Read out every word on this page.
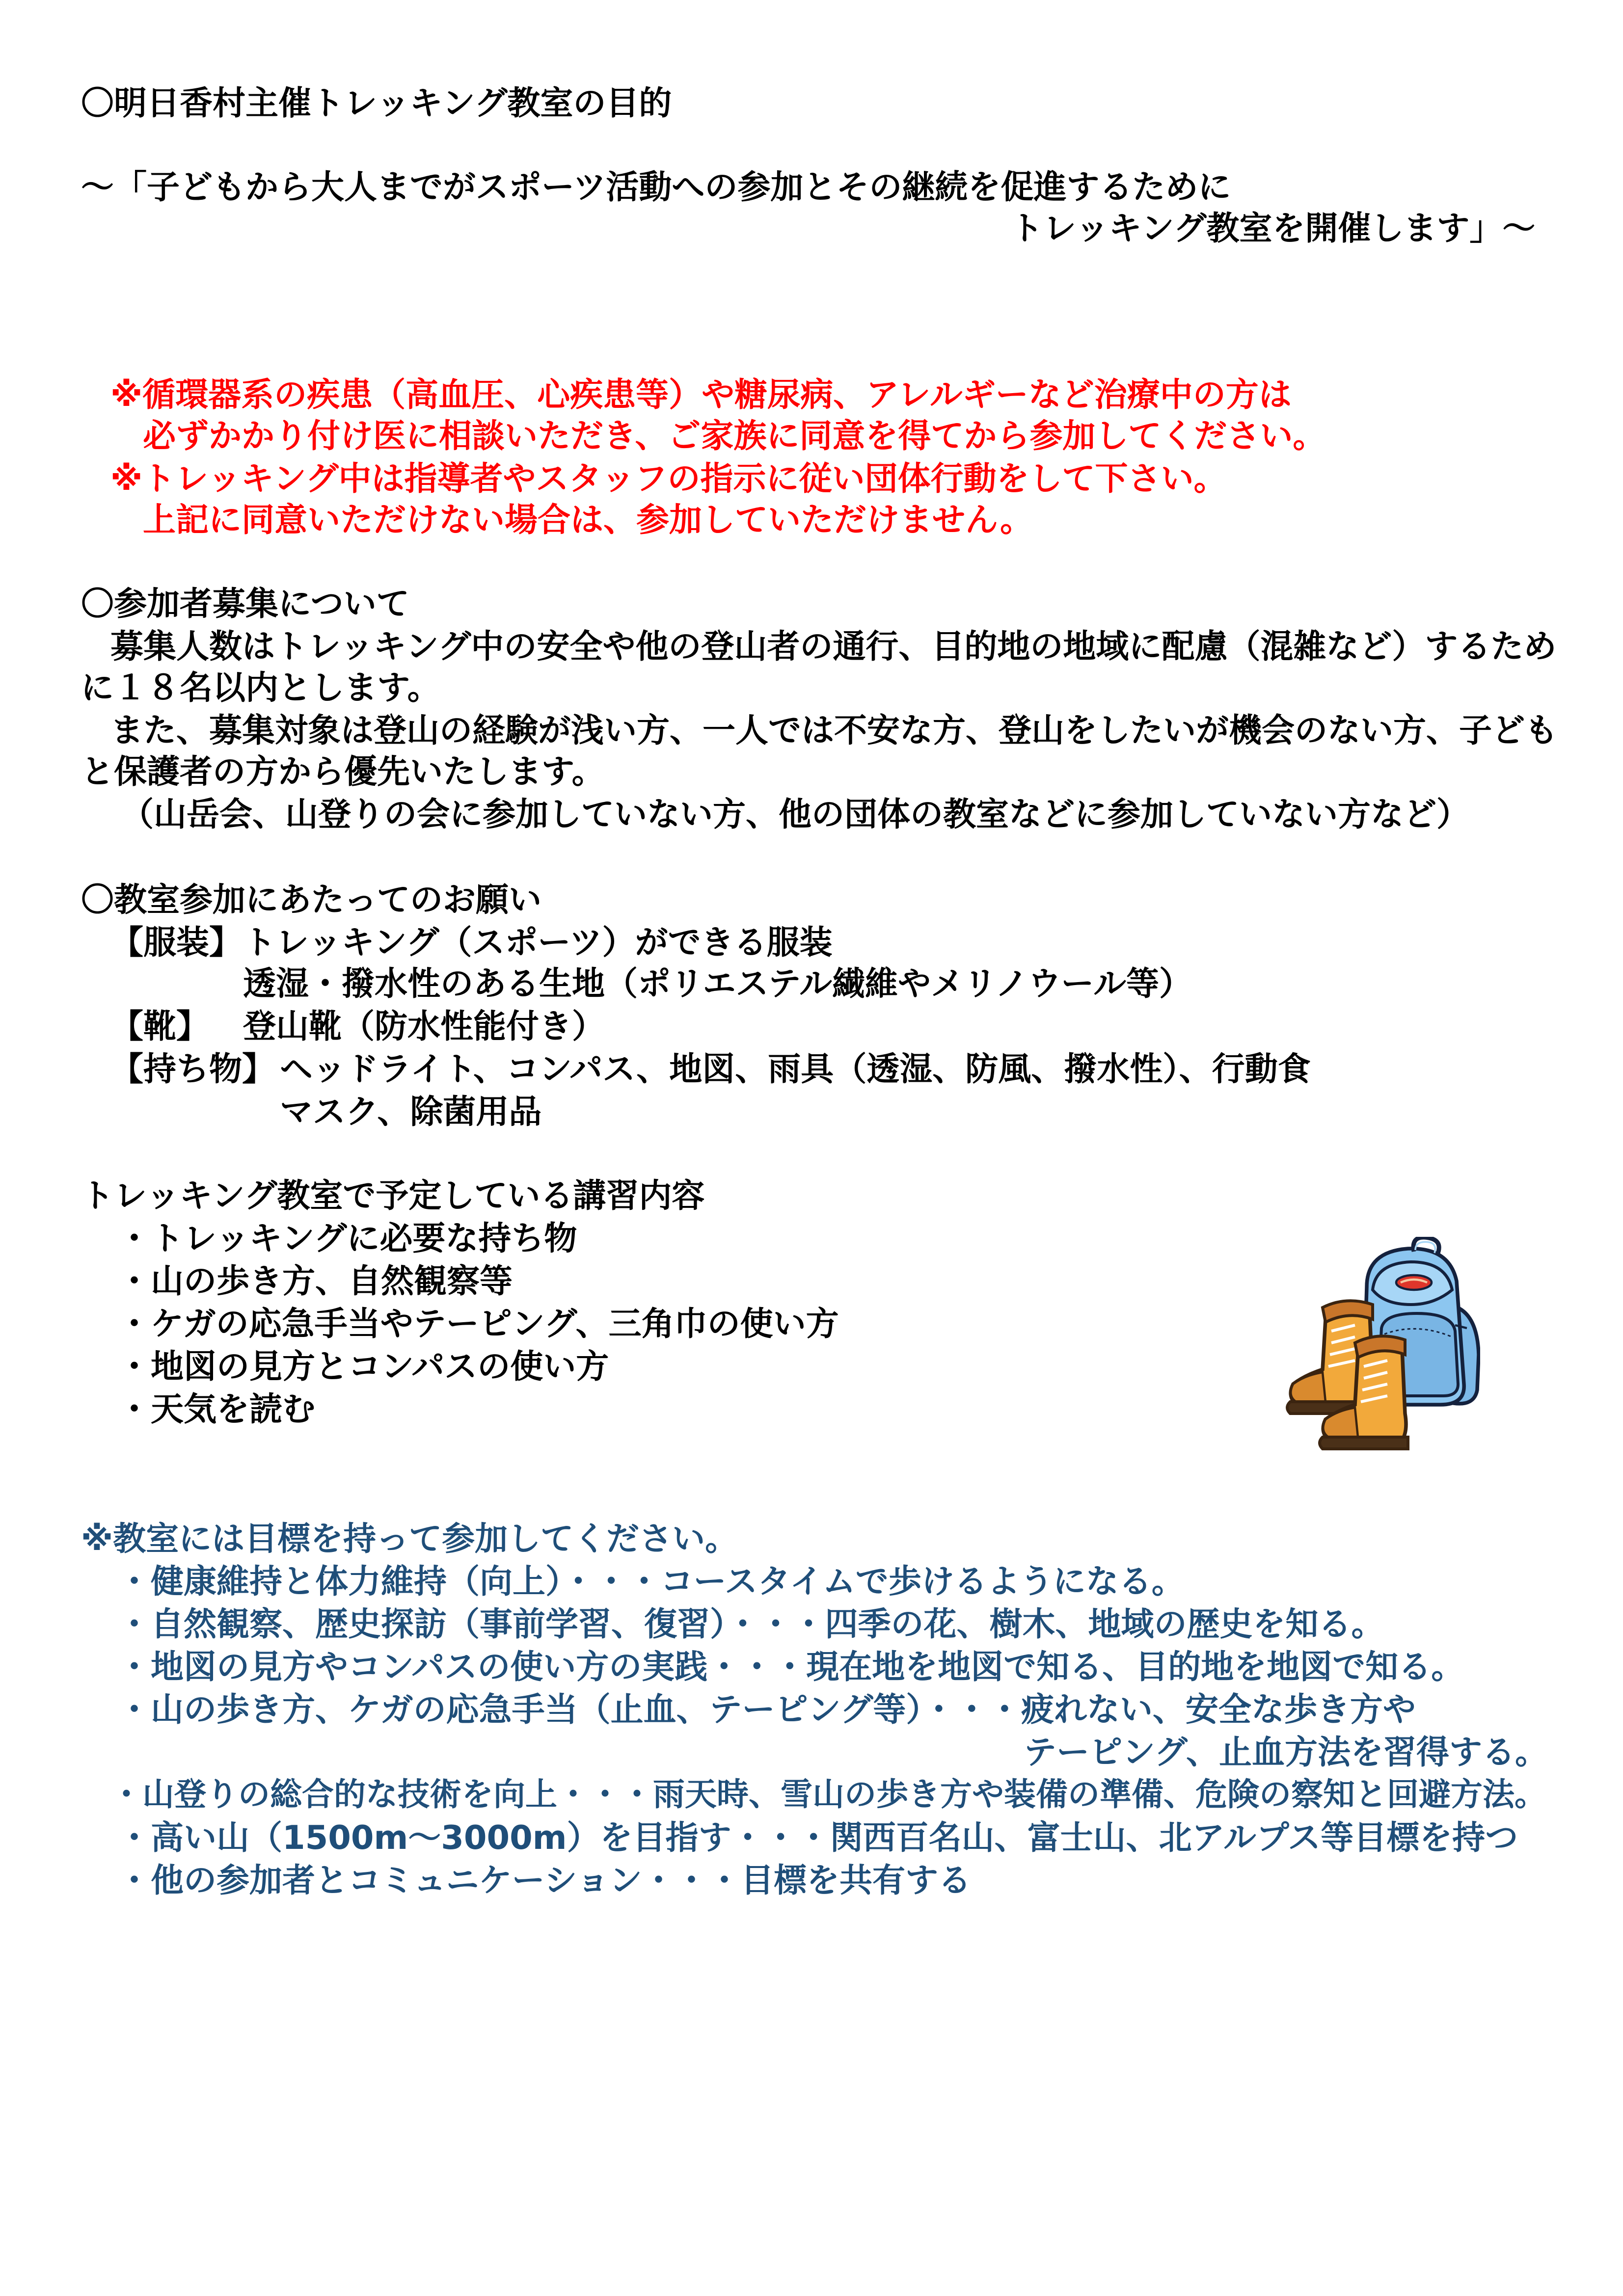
〇明日香村主催トレッキング教室の目的

～「子どもから大人までがスポーツ活動への参加とその継続を促進するために

トレッキング教室を開催します」～

※循環器系の疾患（高血圧、心疾患等）や糖尿病、アレルギーなど治療中の方は

必ずかかり付け医に相談いただき、ご家族に同意を得てから参加してください。

※トレッキング中は指導者やスタッフの指示に従い団体行動をして下さい。

上記に同意いただけない場合は、参加していただけません。

〇参加者募集について

募集人数はトレッキング中の安全や他の登山者の通行、目的地の地域に配慮（混雑など）するため

に１８名以内とします。

また、募集対象は登山の経験が浅い方、一人では不安な方、登山をしたいが機会のない方、子ども

と保護者の方から優先いたします。

（山岳会、山登りの会に参加していない方、他の団体の教室などに参加していない方など）

〇教室参加にあたってのお願い

【服装】 トレッキング（スポーツ）ができる服装

透湿・撥水性のある生地（ポリエステル繊維やメリノウール等）

【靴】 登山靴（防水性能付き）

【持ち物】 ヘッドライト、コンパス、地図、雨具（透湿、防風、撥水性）、行動食

マスク、除菌用品

トレッキング教室で予定している講習内容

・トレッキングに必要な持ち物

・山の歩き方、自然観察等

・ケガの応急手当やテーピング、三角巾の使い方

・地図の見方とコンパスの使い方

・天気を読む

※教室には目標を持って参加してください。

・健康維持と体力維持（向上）・・・コースタイムで歩けるようになる。

・自然観察、歴史探訪（事前学習、復習）・・・四季の花、樹木、地域の歴史を知る。

・地図の見方やコンパスの使い方の実践・・・現在地を地図で知る、目的地を地図で知る。

・山の歩き方、ケガの応急手当（止血、テーピング等）・・・疲れない、安全な歩き方や

テーピング、止血方法を習得する。

・山登りの総合的な技術を向上・・・雨天時、雪山の歩き方や装備の準備、危険の察知と回避方法。

・高い山（1500m～3000m）を目指す・・・関西百名山、富士山、北アルプス等目標を持つ

・他の参加者とコミュニケーション・・・目標を共有する
